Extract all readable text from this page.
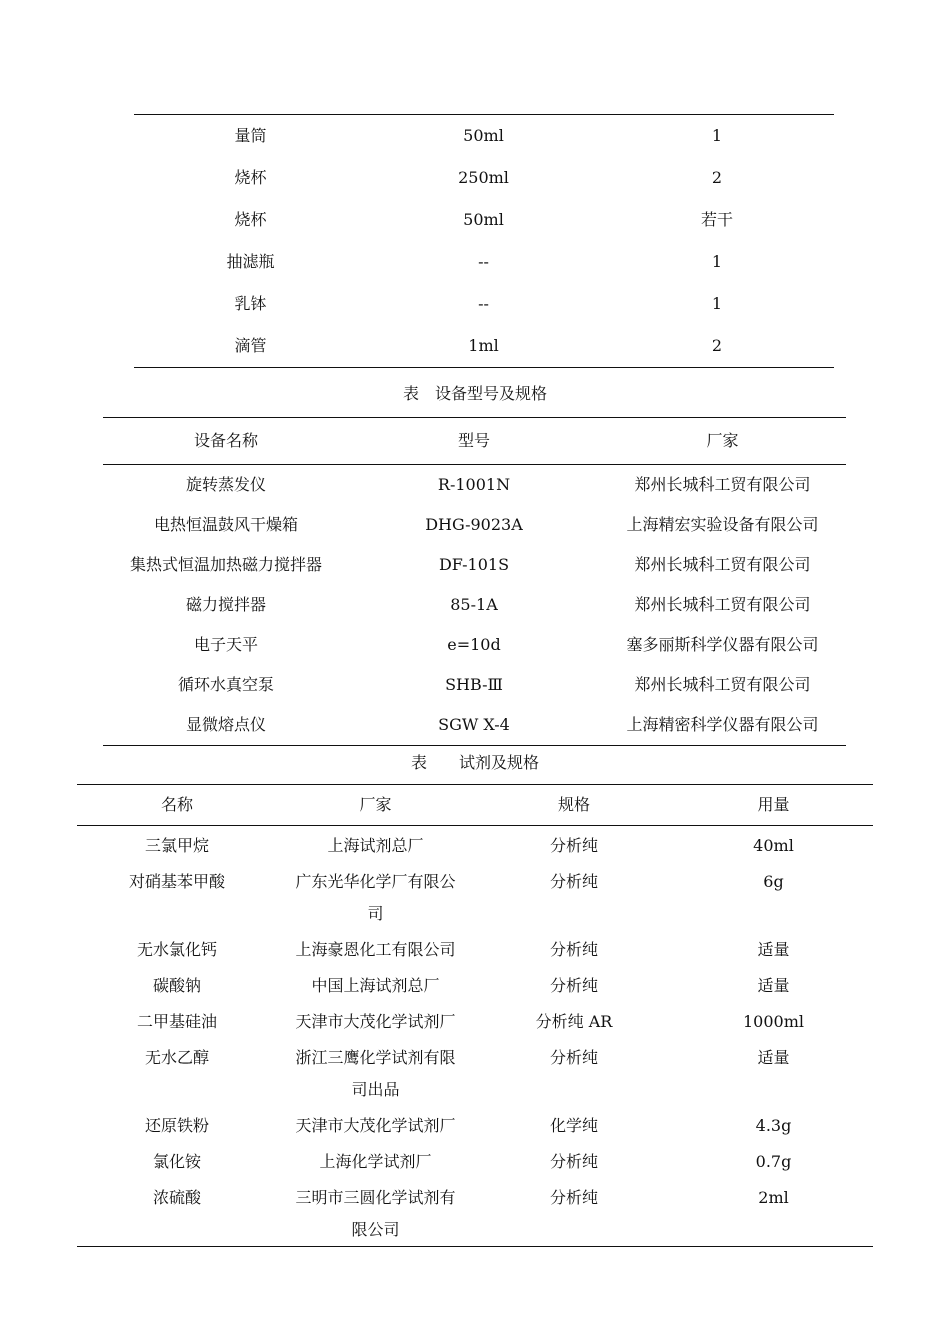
量筒	50ml	1
烧杯	250ml	2
烧杯	50ml	若干
抽滤瓶	--	1
乳钵	--	1
滴管	1ml	2
表　设备型号及规格
设备名称	型号	厂家
旋转蒸发仪	R-1001N	郑州长城科工贸有限公司
电热恒温鼓风干燥箱	DHG-9023A	上海精宏实验设备有限公司
集热式恒温加热磁力搅拌器	DF-101S	郑州长城科工贸有限公司
磁力搅拌器	85-1A	郑州长城科工贸有限公司
电子天平	e=10d	塞多丽斯科学仪器有限公司
循环水真空泵	SHB-Ⅲ	郑州长城科工贸有限公司
显微熔点仪	SGW X-4	上海精密科学仪器有限公司
表　　试剂及规格
名称	厂家	规格	用量
三氯甲烷	上海试剂总厂	分析纯	40ml
对硝基苯甲酸	广东光华化学厂有限公司	分析纯	6g
无水氯化钙	上海豪恩化工有限公司	分析纯	适量
碳酸钠	中国上海试剂总厂	分析纯	适量
二甲基硅油	天津市大茂化学试剂厂	分析纯 AR	1000ml
无水乙醇	浙江三鹰化学试剂有限司出品	分析纯	适量
还原铁粉	天津市大茂化学试剂厂	化学纯	4.3g
氯化铵	上海化学试剂厂	分析纯	0.7g
浓硫酸	三明市三圆化学试剂有限公司	分析纯	2ml
